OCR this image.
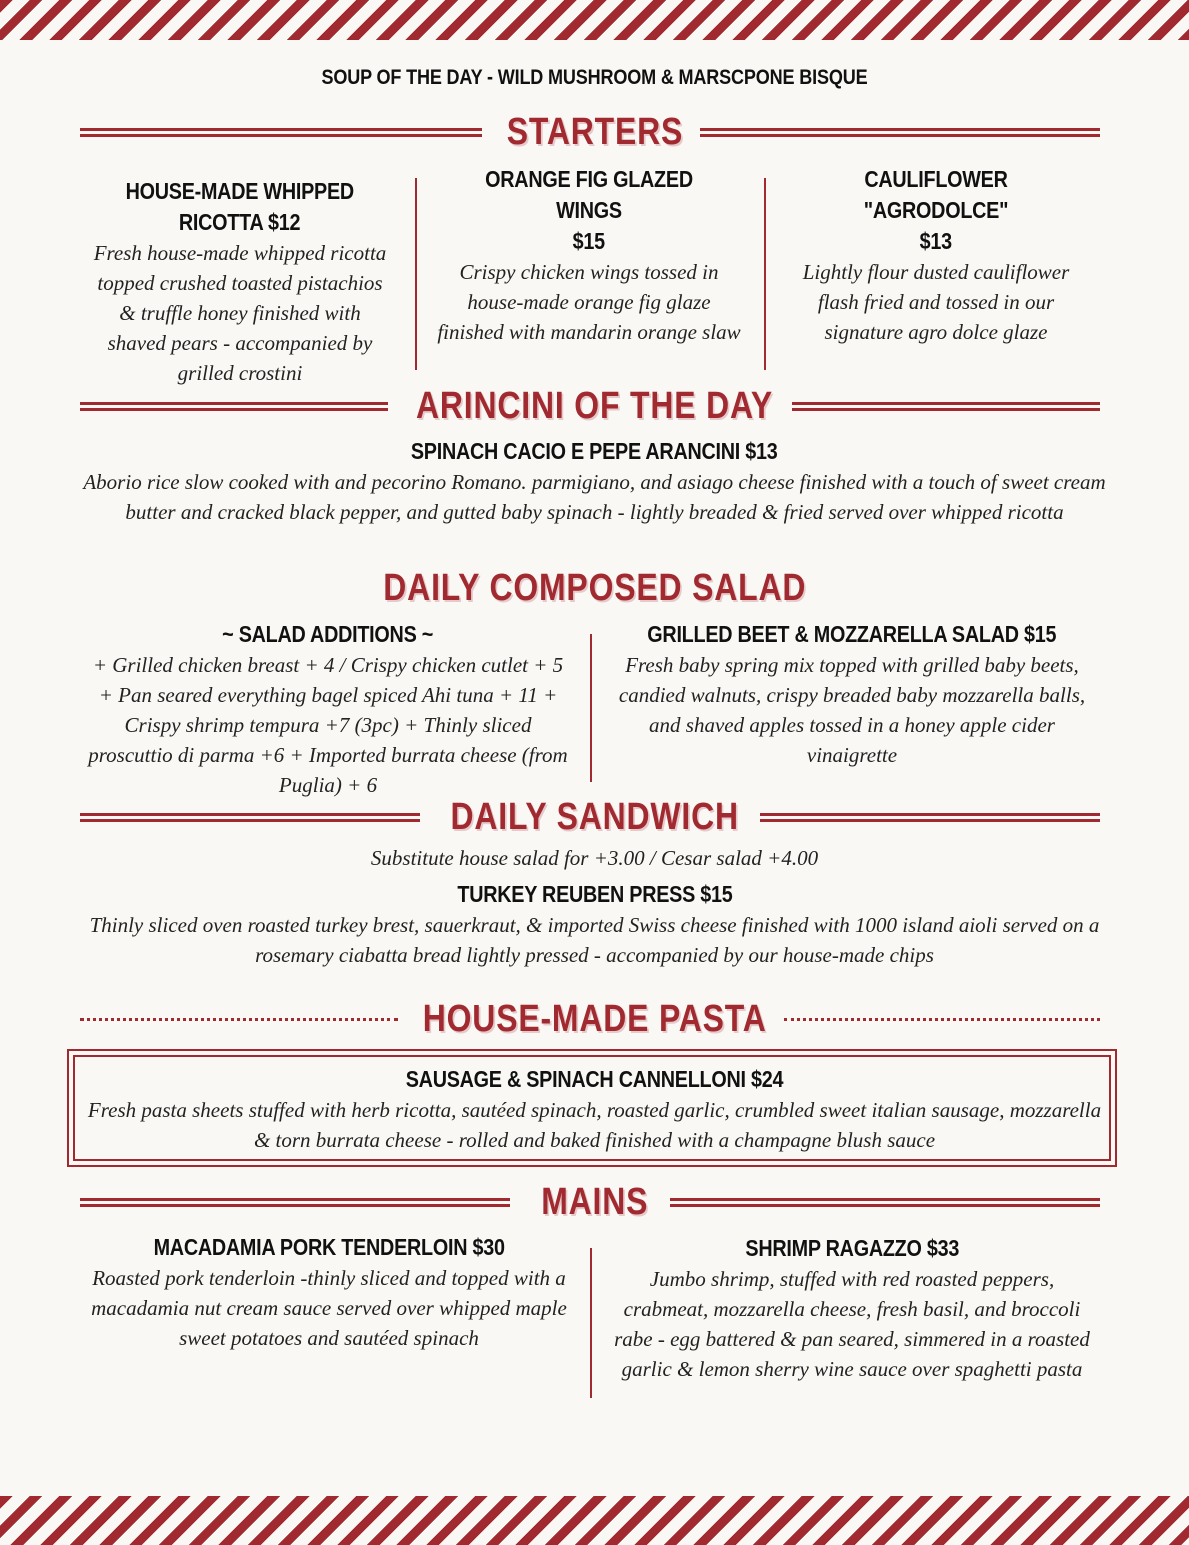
SOUP OF THE DAY - WILD MUSHROOM & MARSCPONE BISQUE
STARTERS
HOUSE-MADE WHIPPED
RICOTTA $12
Fresh house-made whipped ricotta topped crushed toasted pistachios & truffle honey finished with shaved pears - accompanied by grilled crostini
ORANGE FIG GLAZED WINGS
$15
Crispy chicken wings tossed in house-made orange fig glaze finished with mandarin orange slaw
CAULIFLOWER "AGRODOLCE"
$13
Lightly flour dusted cauliflower flash fried and tossed in our signature agro dolce glaze
ARINCINI OF THE DAY
SPINACH CACIO E PEPE ARANCINI $13
Aborio rice slow cooked with and pecorino Romano. parmigiano, and asiago cheese finished with a touch of sweet cream butter and cracked black pepper, and gutted baby spinach - lightly breaded & fried served over whipped ricotta
DAILY COMPOSED SALAD
~ SALAD ADDITIONS ~
+ Grilled chicken breast + 4 / Crispy chicken cutlet + 5 + Pan seared everything bagel spiced Ahi tuna + 11 + Crispy shrimp tempura +7 (3pc) + Thinly sliced proscuttio di parma +6 + Imported burrata cheese (from Puglia) + 6
GRILLED BEET & MOZZARELLA SALAD $15
Fresh baby spring mix topped with grilled baby beets, candied walnuts, crispy breaded baby mozzarella balls, and shaved apples tossed in a honey apple cider vinaigrette
DAILY SANDWICH
Substitute house salad for +3.00 / Cesar salad +4.00
TURKEY REUBEN PRESS $15
Thinly sliced oven roasted turkey brest, sauerkraut, & imported Swiss cheese finished with 1000 island aioli served on a rosemary ciabatta bread lightly pressed - accompanied by our house-made chips
HOUSE-MADE PASTA
SAUSAGE & SPINACH CANNELLONI $24
Fresh pasta sheets stuffed with herb ricotta, sautéed spinach, roasted garlic, crumbled sweet italian sausage, mozzarella & torn burrata cheese - rolled and baked finished with a champagne blush sauce
MAINS
MACADAMIA PORK TENDERLOIN $30
Roasted pork tenderloin -thinly sliced and topped with a macadamia nut cream sauce served over whipped maple sweet potatoes and sautéed spinach
SHRIMP RAGAZZO $33
Jumbo shrimp, stuffed with red roasted peppers, crabmeat, mozzarella cheese, fresh basil, and broccoli rabe - egg battered & pan seared, simmered in a roasted garlic & lemon sherry wine sauce over spaghetti pasta
